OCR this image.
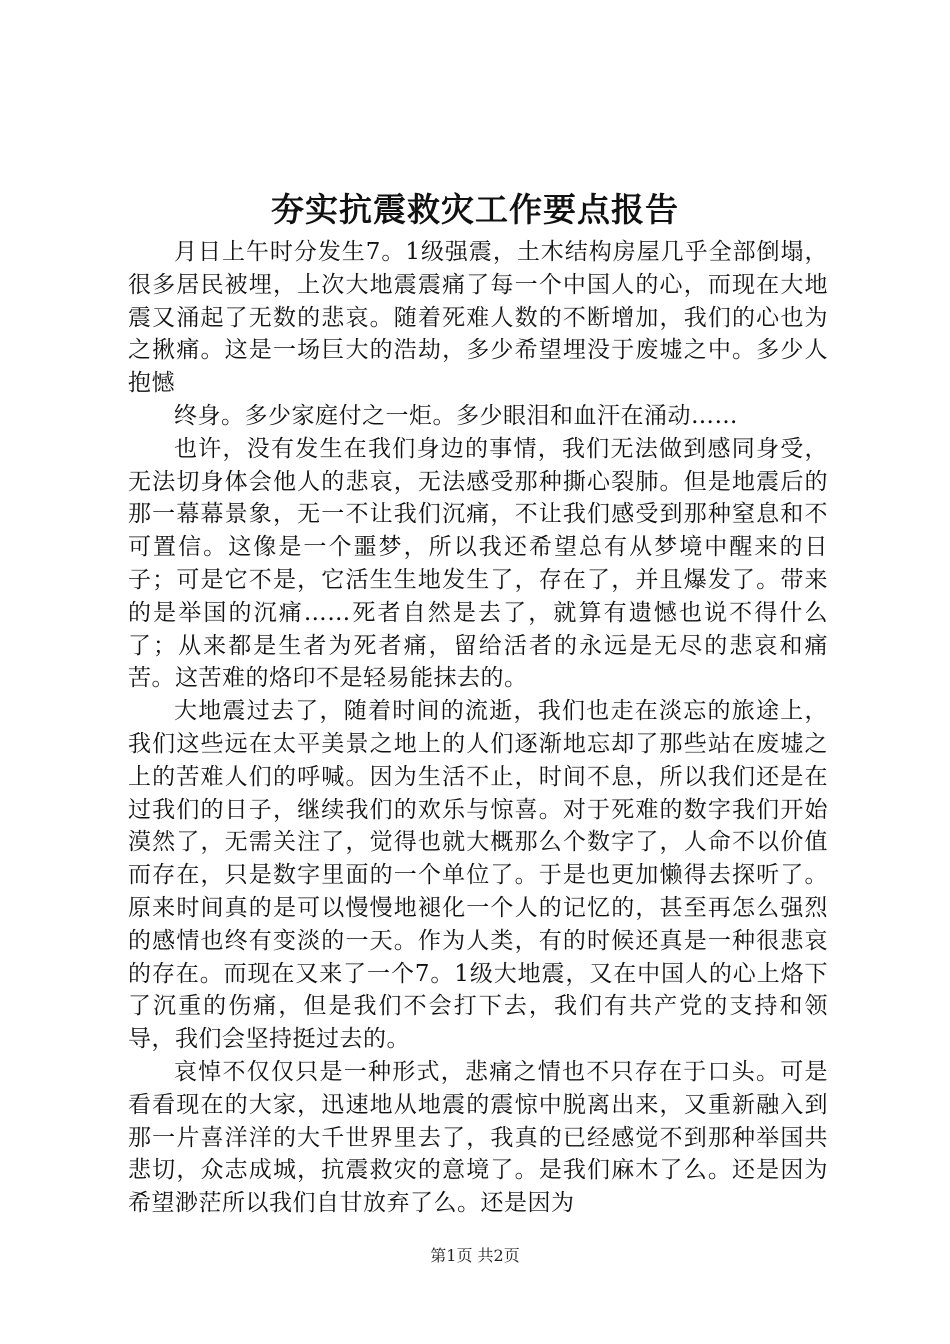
夯实抗震救灾工作要点报告

月日上午时分发生7。1级强震，土木结构房屋几乎全部倒塌，很多居民被埋，上次大地震震痛了每一个中国人的心，而现在大地震又涌起了无数的悲哀。随着死难人数的不断增加，我们的心也为之揪痛。这是一场巨大的浩劫，多少希望埋没于废墟之中。多少人抱憾

终身。多少家庭付之一炬。多少眼泪和血汗在涌动……

也许，没有发生在我们身边的事情，我们无法做到感同身受，无法切身体会他人的悲哀，无法感受那种撕心裂肺。但是地震后的那一幕幕景象，无一不让我们沉痛，不让我们感受到那种窒息和不可置信。这像是一个噩梦，所以我还希望总有从梦境中醒来的日子；可是它不是，它活生生地发生了，存在了，并且爆发了。带来的是举国的沉痛……死者自然是去了，就算有遗憾也说不得什么了；从来都是生者为死者痛，留给活者的永远是无尽的悲哀和痛苦。这苦难的烙印不是轻易能抹去的。

大地震过去了，随着时间的流逝，我们也走在淡忘的旅途上，我们这些远在太平美景之地上的人们逐渐地忘却了那些站在废墟之上的苦难人们的呼喊。因为生活不止，时间不息，所以我们还是在过我们的日子，继续我们的欢乐与惊喜。对于死难的数字我们开始漠然了，无需关注了，觉得也就大概那么个数字了，人命不以价值而存在，只是数字里面的一个单位了。于是也更加懒得去探听了。原来时间真的是可以慢慢地褪化一个人的记忆的，甚至再怎么强烈的感情也终有变淡的一天。作为人类，有的时候还真是一种很悲哀的存在。而现在又来了一个7。1级大地震，又在中国人的心上烙下了沉重的伤痛，但是我们不会打下去，我们有共产党的支持和领导，我们会坚持挺过去的。

哀悼不仅仅只是一种形式，悲痛之情也不只存在于口头。可是看看现在的大家，迅速地从地震的震惊中脱离出来，又重新融入到那一片喜洋洋的大千世界里去了，我真的已经感觉不到那种举国共悲切，众志成城，抗震救灾的意境了。是我们麻木了么。还是因为希望渺茫所以我们自甘放弃了么。还是因为

第1页 共2页
